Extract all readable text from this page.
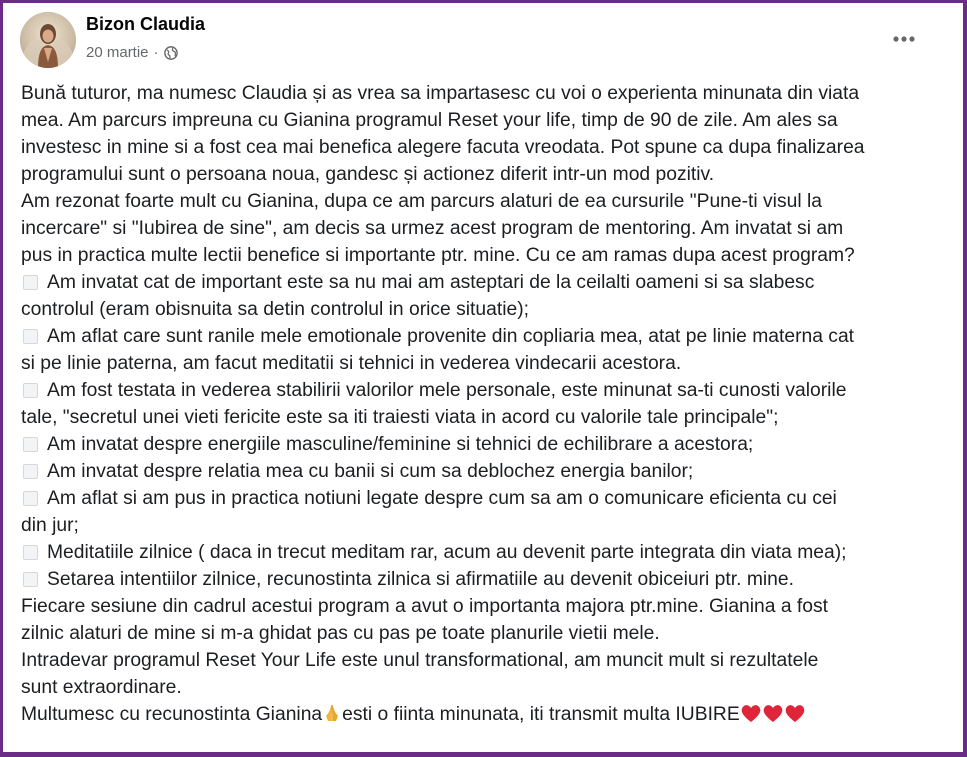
Bizon Claudia
20 martie ·

Bună tuturor, ma numesc Claudia și as vrea sa impartasesc cu voi o experienta minunata din viata

mea. Am parcurs impreuna cu Gianina programul Reset your life, timp de 90 de zile. Am ales sa

investesc in mine si a fost cea mai benefica alegere facuta vreodata. Pot spune ca dupa finalizarea

programului sunt o persoana noua, gandesc și actionez diferit intr-un mod pozitiv.

Am rezonat foarte mult cu Gianina, dupa ce am parcurs alaturi de ea cursurile "Pune-ti visul la

incercare" si "Iubirea de sine", am decis sa urmez acest program de mentoring. Am invatat si am

pus in practica multe lectii benefice si importante ptr. mine. Cu ce am ramas dupa acest program?

Am invatat cat de important este sa nu mai am asteptari de la ceilalti oameni si sa slabesc

controlul (eram obisnuita sa detin controlul in orice situatie);

Am aflat care sunt ranile mele emotionale provenite din copliaria mea, atat pe linie materna cat

si pe linie paterna, am facut meditatii si tehnici in vederea vindecarii acestora.

Am fost testata in vederea stabilirii valorilor mele personale, este minunat sa-ti cunosti valorile

tale, "secretul unei vieti fericite este sa iti traiesti viata in acord cu valorile tale principale";

Am invatat despre energiile masculine/feminine si tehnici de echilibrare a acestora;

Am invatat despre relatia mea cu banii si cum sa deblochez energia banilor;

Am aflat si am pus in practica notiuni legate despre cum sa am o comunicare eficienta cu cei

din jur;

Meditatiile zilnice ( daca in trecut meditam rar, acum au devenit parte integrata din viata mea);

Setarea intentiilor zilnice, recunostinta zilnica si afirmatiile au devenit obiceiuri ptr. mine.

Fiecare sesiune din cadrul acestui program a avut o importanta majora ptr.mine. Gianina a fost

zilnic alaturi de mine si m-a ghidat pas cu pas pe toate planurile vietii mele.

Intradevar programul Reset Your Life este unul transformational, am muncit mult si rezultatele

sunt extraordinare.

Multumesc cu recunostinta Gianina esti o fiinta minunata, iti transmit multa IUBIRE
